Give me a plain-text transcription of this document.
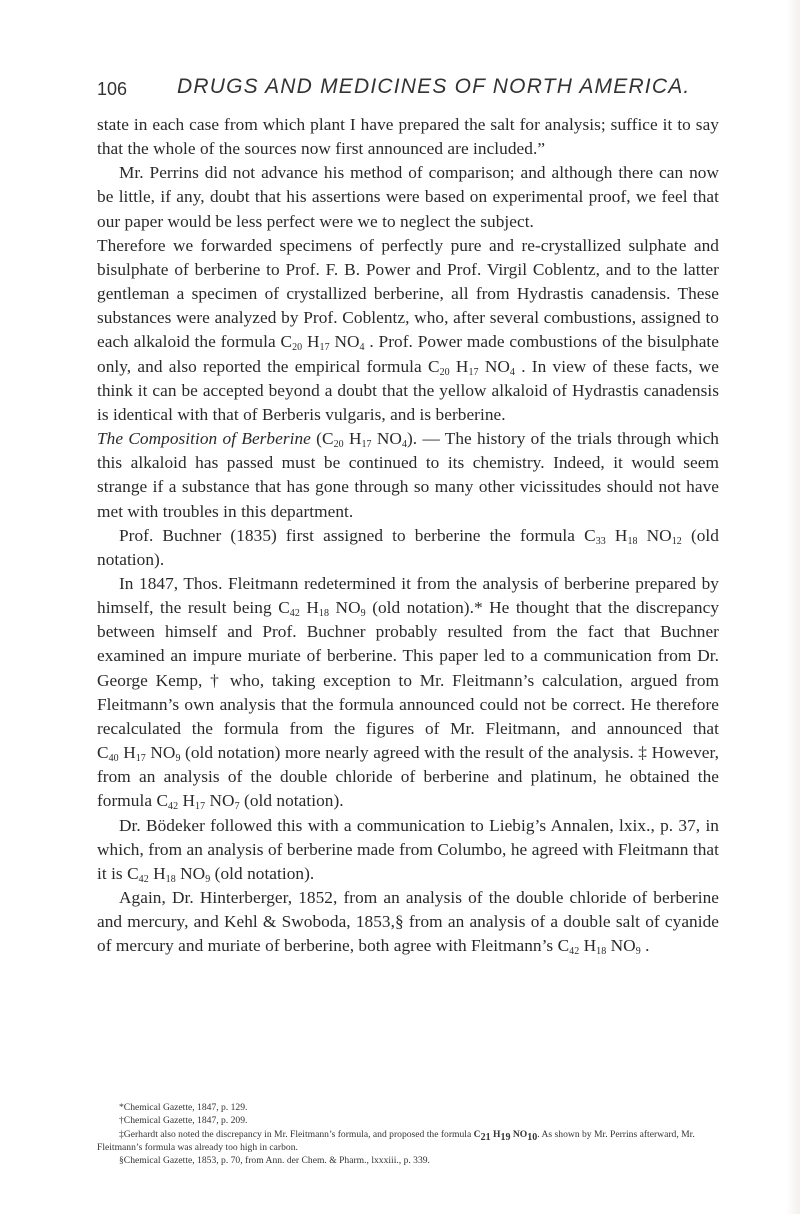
106 DRUGS AND MEDICINES OF NORTH AMERICA.

state in each case from which plant I have prepared the salt for analysis; suffice it to say that the whole of the sources now first announced are included.”

Mr. Perrins did not advance his method of comparison; and although there can now be little, if any, doubt that his assertions were based on experimental proof, we feel that our paper would be less perfect were we to neglect the subject.

Therefore we forwarded specimens of perfectly pure and re-crystallized sulphate and bisulphate of berberine to Prof. F. B. Power and Prof. Virgil Coblentz, and to the latter gentleman a specimen of crystallized berberine, all from Hydrastis canadensis. These substances were analyzed by Prof. Coblentz, who, after several combustions, assigned to each alkaloid the formula $C_{20}$ $H_{17}$ $NO_4$ . Prof. Power made combustions of the bisulphate only, and also reported the empirical formula $C_{20}$ $H_{17}$ $NO_4$ . In view of these facts, we think it can be accepted beyond a doubt that the yellow alkaloid of Hydrastis canadensis is identical with that of Berberis vulgaris, and is berberine.

The Composition of Berberine ($C_{20}$ $H_{17}$ $NO_4$). — The history of the trials through which this alkaloid has passed must be continued to its chemistry. Indeed, it would seem strange if a substance that has gone through so many other vicissitudes should not have met with troubles in this department.

Prof. Buchner (1835) first assigned to berberine the formula $C_{33}$ $H_{18}$ $NO_{12}$ (old notation).

In 1847, Thos. Fleitmann redetermined it from the analysis of berberine prepared by himself, the result being $C_{42}$ $H_{18}$ $NO_9$ (old notation).* He thought that the discrepancy between himself and Prof. Buchner probably resulted from the fact that Buchner examined an impure muriate of berberine. This paper led to a communication from Dr. George Kemp, † who, taking exception to Mr. Fleitmann’s calculation, argued from Fleitmann’s own analysis that the formula announced could not be correct. He therefore recalculated the formula from the figures of Mr. Fleitmann, and announced that $C_{40}$ $H_{17}$ $NO_9$ (old notation) more nearly agreed with the result of the analysis. ‡ However, from an analysis of the double chloride of berberine and platinum, he obtained the formula $C_{42}$ $H_{17}$ $NO_7$ (old notation).

Dr. Bödeker followed this with a communication to Liebig’s Annalen, lxix., p. 37, in which, from an analysis of berberine made from Columbo, he agreed with Fleitmann that it is $C_{42}$ $H_{18}$ $NO_9$ (old notation).

Again, Dr. Hinterberger, 1852, from an analysis of the double chloride of berberine and mercury, and Kehl & Swoboda, 1853,§ from an analysis of a double salt of cyanide of mercury and muriate of berberine, both agree with Fleitmann’s $C_{42}$ $H_{18}$ $NO_9$ .

*Chemical Gazette, 1847, p. 129.

†Chemical Gazette, 1847, p. 209.

‡Gerhardt also noted the discrepancy in Mr. Fleitmann’s formula, and proposed the formula $C_{21}$ $H_{19}$ $NO_{10}$. As shown by Mr. Perrins afterward, Mr. Fleitmann’s formula was already too high in carbon.

§Chemical Gazette, 1853, p. 70, from Ann. der Chem. & Pharm., lxxxiii., p. 339.
